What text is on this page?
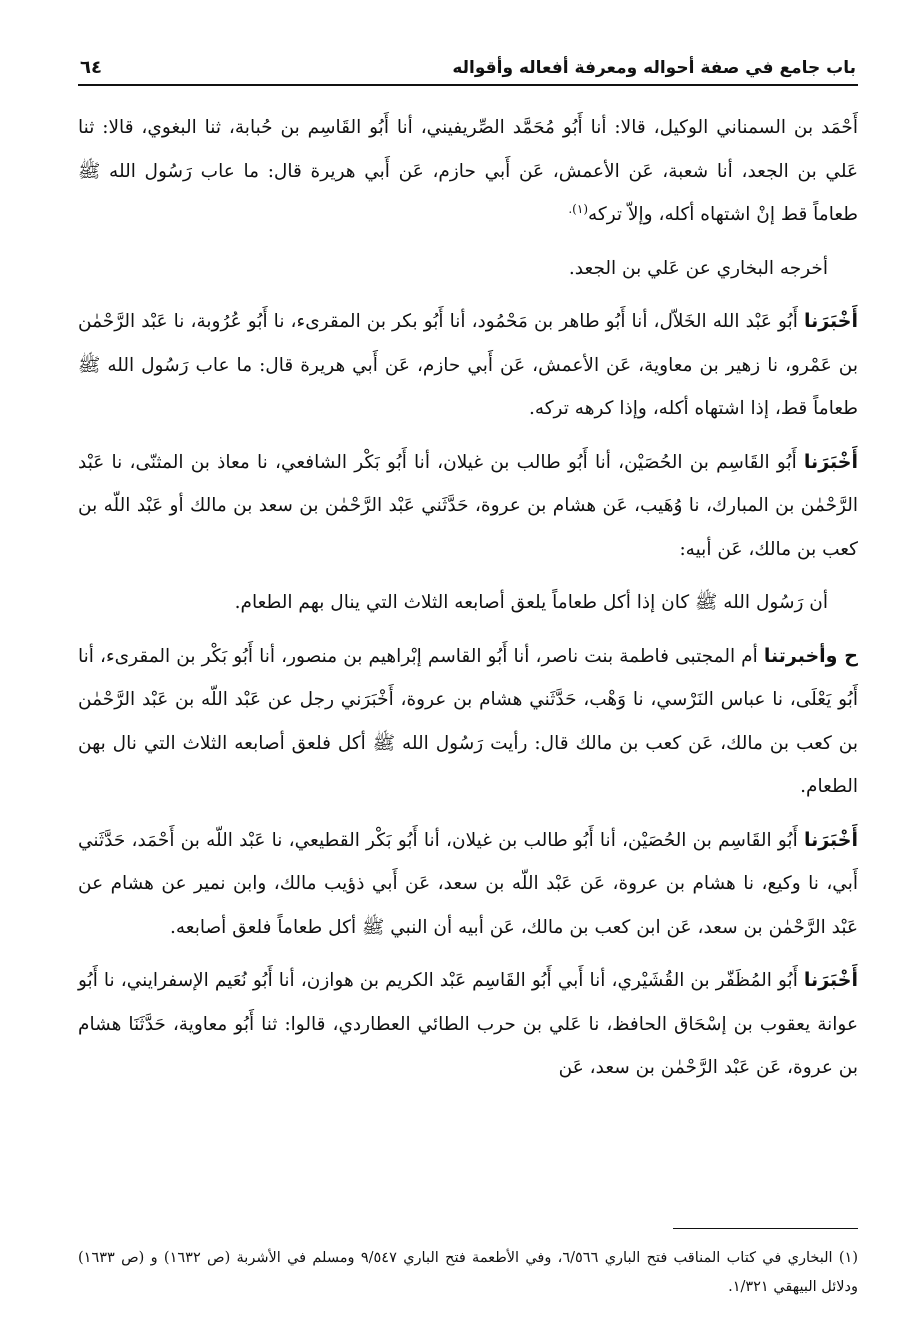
باب جامع في صفة أحواله ومعرفة أفعاله وأقواله
٦٤

أَحْمَد بن السمناني الوكيل، قالا: أنا أَبُو مُحَمَّد الصِّريفيني، أنا أَبُو القَاسِم بن حُبابة، ثنا البغوي، قالا: ثنا عَلي بن الجعد، أنا شعبة، عَن الأعمش، عَن أَبي حازم، عَن أَبي هريرة قال: ما عاب رَسُول الله ﷺ طعاماً قط إنْ اشتهاه أكله، وإلاّ تركه$^{(١).}$

أخرجه البخاري عن عَلي بن الجعد.

أَخْبَرَنا أَبُو عَبْد الله الخَلاّل، أنا أَبُو طاهر بن مَحْمُود، أنا أَبُو بكر بن المقرىء، نا أَبُو عُرُوبة، نا عَبْد الرَّحْمٰن بن عَمْرو، نا زهير بن معاوية، عَن الأعمش، عَن أَبي حازم، عَن أَبي هريرة قال: ما عاب رَسُول الله ﷺ طعاماً قط، إذا اشتهاه أكله، وإذا كرهه تركه.

أَخْبَرَنا أَبُو القَاسِم بن الحُصَيْن، أنا أَبُو طالب بن غيلان، أنا أَبُو بَكْر الشافعي، نا معاذ بن المثنّى، نا عَبْد الرَّحْمٰن بن المبارك، نا وُهَيب، عَن هشام بن عروة، حَدَّثَني عَبْد الرَّحْمٰن بن سعد بن مالك أو عَبْد اللّه بن كعب بن مالك، عَن أبيه:

أن رَسُول الله ﷺ كان إذا أكل طعاماً يلعق أصابعه الثلاث التي ينال بهم الطعام.

ح وأخبرتنا أم المجتبى فاطمة بنت ناصر، أنا أَبُو القاسم إبْراهيم بن منصور، أنا أَبُو بَكْر بن المقرىء، أنا أَبُو يَعْلَى، نا عباس النَرْسي، نا وَهْب، حَدَّثَني هشام بن عروة، أَخْبَرَني رجل عن عَبْد اللّه بن عَبْد الرَّحْمٰن بن كعب بن مالك، عَن كعب بن مالك قال: رأيت رَسُول الله ﷺ أكل فلعق أصابعه الثلاث التي نال بهن الطعام.

أَخْبَرَنا أَبُو القَاسِم بن الحُصَيْن، أنا أَبُو طالب بن غيلان، أنا أَبُو بَكْر القطيعي، نا عَبْد اللّه بن أَحْمَد، حَدَّثَني أَبي، نا وكيع، نا هشام بن عروة، عَن عَبْد اللّه بن سعد، عَن أَبي ذؤيب مالك، وابن نمير عن هشام عن عَبْد الرَّحْمٰن بن سعد، عَن ابن كعب بن مالك، عَن أبيه أن النبي ﷺ أكل طعاماً فلعق أصابعه.

أَخْبَرَنا أَبُو المُظَفّر بن القُشَيْري، أنا أَبي أَبُو القَاسِم عَبْد الكريم بن هوازن، أنا أَبُو نُعَيم الإسفرايني، نا أَبُو عوانة يعقوب بن إسْحَاق الحافظ، نا عَلي بن حرب الطائي العطاردي، قالوا: ثنا أَبُو معاوية، حَدَّثَنَا هشام بن عروة، عَن عَبْد الرَّحْمٰن بن سعد، عَن

(١) البخاري في كتاب المناقب فتح الباري ٦/٥٦٦، وفي الأطعمة فتح الباري ٩/٥٤٧ ومسلم في الأشربة (ص ١٦٣٢) و (ص ١٦٣٣) ودلائل البيهقي ١/٣٢١.
